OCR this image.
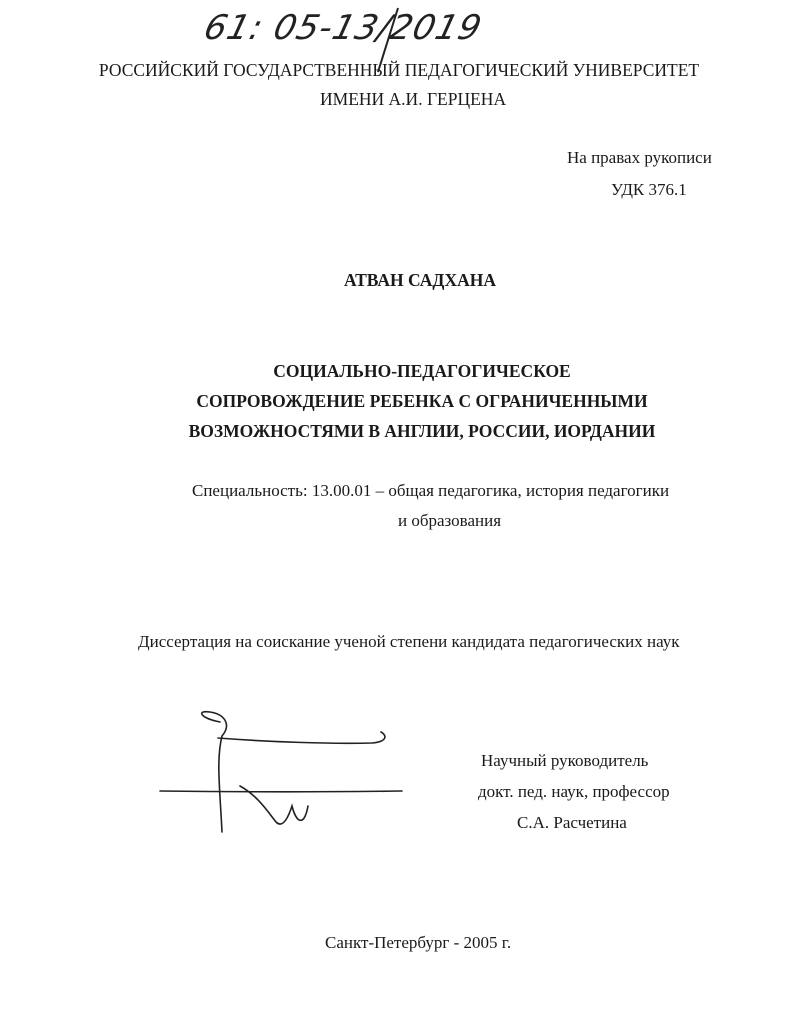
61: 05-13/2019
РОССИЙСКИЙ ГОСУДАРСТВЕННЫЙ ПЕДАГОГИЧЕСКИЙ УНИВЕРСИТЕТ
ИМЕНИ А.И. ГЕРЦЕНА
На правах рукописи
УДК 376.1
АТВАН САДХАНА
СОЦИАЛЬНО-ПЕДАГОГИЧЕСКОЕ
СОПРОВОЖДЕНИЕ РЕБЕНКА С ОГРАНИЧЕННЫМИ
ВОЗМОЖНОСТЯМИ В АНГЛИИ, РОССИИ, ИОРДАНИИ
Специальность: 13.00.01 – общая педагогика, история педагогики
и образования
Диссертация на соискание ученой степени кандидата педагогических наук
Научный руководитель
докт. пед. наук, профессор
С.А. Расчетина
Санкт-Петербург - 2005 г.
